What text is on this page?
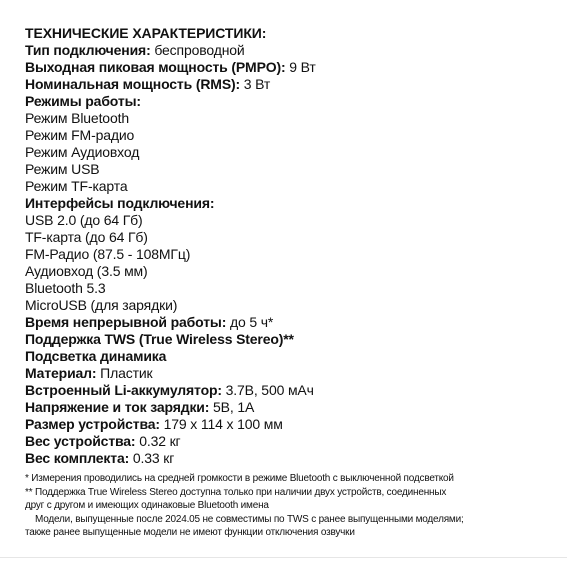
ТЕХНИЧЕСКИЕ ХАРАКТЕРИСТИКИ:
Тип подключения: беспроводной
Выходная пиковая мощность (PMPO): 9 Вт
Номинальная мощность (RMS): 3 Вт
Режимы работы:
Режим Bluetooth
Режим FM-радио
Режим Аудиовход
Режим USB
Режим TF-карта
Интерфейсы подключения:
USB 2.0 (до 64 Гб)
TF-карта (до 64 Гб)
FM-Радио (87.5 - 108МГц)
Аудиовход (3.5 мм)
Bluetooth 5.3
MicroUSB (для зарядки)
Время непрерывной работы: до 5 ч*
Поддержка TWS (True Wireless Stereo)**
Подсветка динамика
Материал: Пластик
Встроенный Li-аккумулятор: 3.7В, 500 мАч
Напряжение и ток зарядки: 5В, 1А
Размер устройства: 179 x 114 x 100 мм
Вес устройства: 0.32 кг
Вес комплекта: 0.33 кг
* Измерения проводились на средней громкости в режиме Bluetooth с выключенной подсветкой
** Поддержка True Wireless Stereo доступна только при наличии двух устройств, соединенных
друг с другом и имеющих одинаковые Bluetooth имена
Модели, выпущенные после 2024.05 не совместимы по TWS с ранее выпущенными моделями;
также ранее выпущенные модели не имеют функции отключения озвучки
